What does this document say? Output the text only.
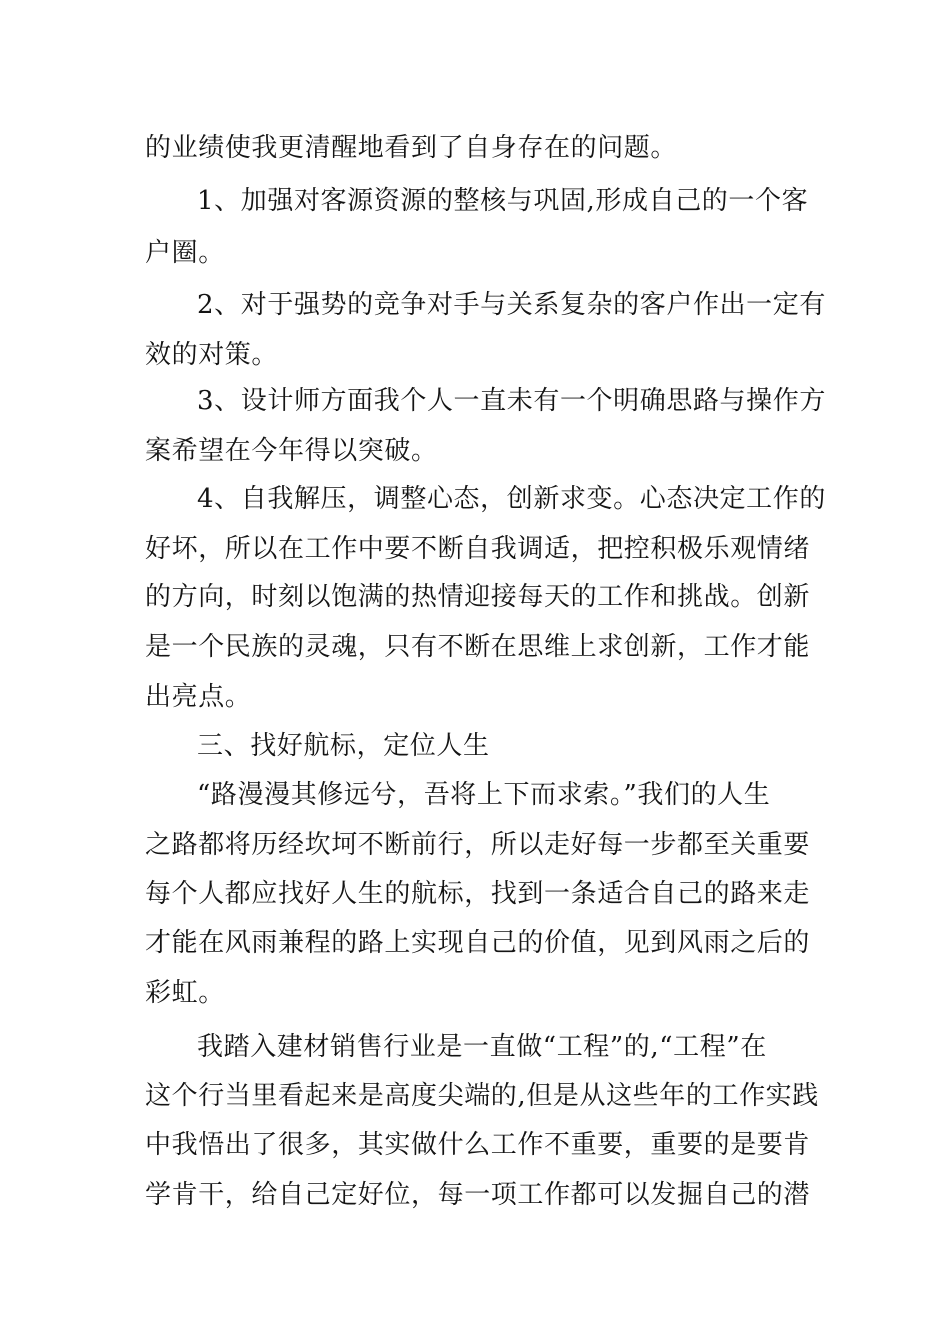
的业绩使我更清醒地看到了自身存在的问题。
1、加强对客源资源的整核与巩固,形成自己的一个客
户圈。
2、对于强势的竞争对手与关系复杂的客户作出一定有
效的对策。
3、设计师方面我个人一直未有一个明确思路与操作方
案希望在今年得以突破。
4、自我解压，调整心态，创新求变。心态决定工作的
好坏，所以在工作中要不断自我调适，把控积极乐观情绪
的方向，时刻以饱满的热情迎接每天的工作和挑战。创新
是一个民族的灵魂，只有不断在思维上求创新，工作才能
出亮点。
三、找好航标，定位人生
“路漫漫其修远兮，吾将上下而求索。”我们的人生
之路都将历经坎坷不断前行，所以走好每一步都至关重要
每个人都应找好人生的航标，找到一条适合自己的路来走
才能在风雨兼程的路上实现自己的价值，见到风雨之后的
彩虹。
我踏入建材销售行业是一直做“工程”的,“工程”在
这个行当里看起来是高度尖端的,但是从这些年的工作实践
中我悟出了很多，其实做什么工作不重要，重要的是要肯
学肯干，给自己定好位，每一项工作都可以发掘自己的潜
